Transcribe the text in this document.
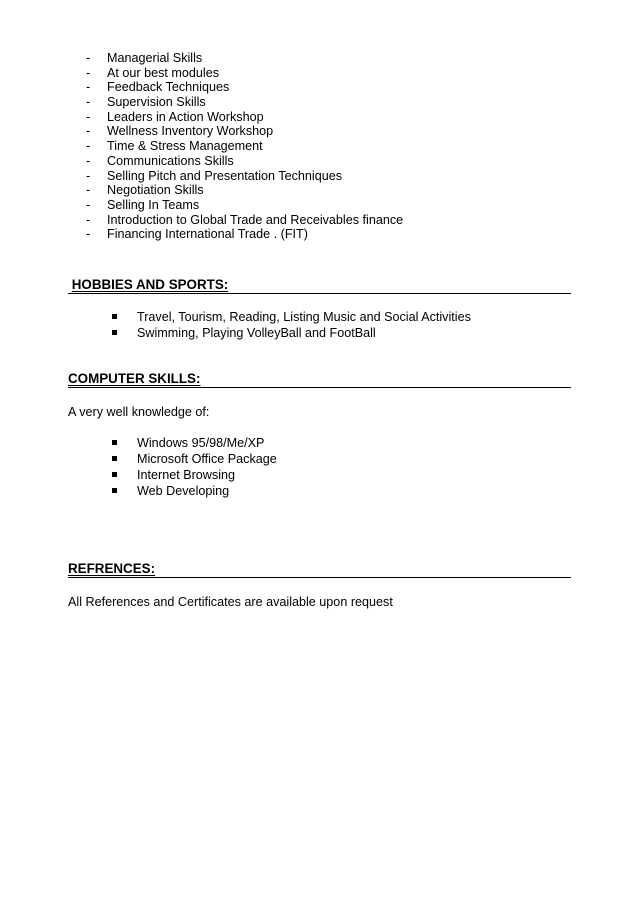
- Managerial Skills
- At our best modules
- Feedback Techniques
- Supervision Skills
- Leaders in Action Workshop
- Wellness Inventory Workshop
- Time & Stress Management
- Communications Skills
- Selling Pitch and Presentation Techniques
- Negotiation Skills
- Selling In Teams
- Introduction to Global Trade and Receivables finance
- Financing International Trade . (FIT)
HOBBIES AND SPORTS:
Travel, Tourism, Reading, Listing Music and Social Activities
Swimming, Playing VolleyBall and FootBall
COMPUTER SKILLS:
A very well knowledge of:
Windows 95/98/Me/XP
Microsoft Office Package
Internet Browsing
Web Developing
REFRENCES:
All References and Certificates are available upon request
